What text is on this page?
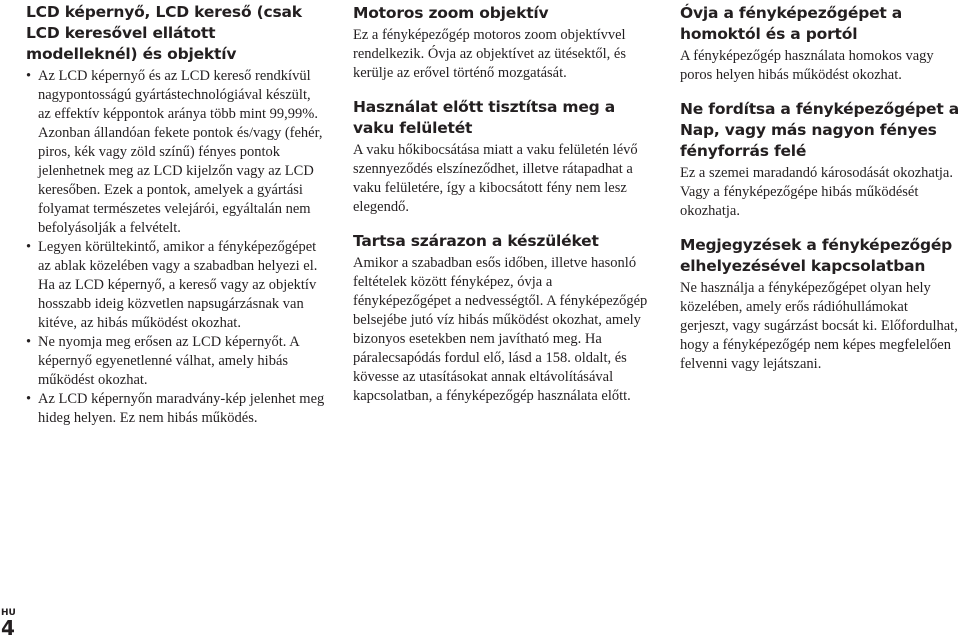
LCD képernyő, LCD kereső (csak LCD keresővel ellátott modelleknél) és objektív
• Az LCD képernyő és az LCD kereső rendkívül nagypontosságú gyártástechnológiával készült, az effektív képpontok aránya több mint 99,99%. Azonban állandóan fekete pontok és/vagy (fehér, piros, kék vagy zöld színű) fényes pontok jelenhetnek meg az LCD kijelzőn vagy az LCD keresőben. Ezek a pontok, amelyek a gyártási folyamat természetes velejárói, egyáltalán nem befolyásolják a felvételt.
• Legyen körültekintő, amikor a fényképezőgépet az ablak közelében vagy a szabadban helyezi el. Ha az LCD képernyő, a kereső vagy az objektív hosszabb ideig közvetlen napsugárzásnak van kitéve, az hibás működést okozhat.
• Ne nyomja meg erősen az LCD képernyőt. A képernyő egyenetlenné válhat, amely hibás működést okozhat.
• Az LCD képernyőn maradvány-kép jelenhet meg hideg helyen. Ez nem hibás működés.
Motoros zoom objektív

Ez a fényképezőgép motoros zoom objektívvel rendelkezik. Óvja az objektívet az ütésektől, és kerülje az erővel történő mozgatását.

Használat előtt tisztítsa meg a vaku felületét

A vaku hőkibocsátása miatt a vaku felületén lévő szennyeződés elszíneződhet, illetve rátapadhat a vaku felületére, így a kibocsátott fény nem lesz elegendő.

Tartsa szárazon a készüléket

Amikor a szabadban esős időben, illetve hasonló feltételek között fényképez, óvja a fényképezőgépet a nedvességtől. A fényképezőgép belsejébe jutó víz hibás működést okozhat, amely bizonyos esetekben nem javítható meg. Ha páralecsapódás fordul elő, lásd a 158. oldalt, és kövesse az utasításokat annak eltávolításával kapcsolatban, a fényképezőgép használata előtt.

Óvja a fényképezőgépet a homoktól és a portól

A fényképezőgép használata homokos vagy poros helyen hibás működést okozhat.

Ne fordítsa a fényképezőgépet a Nap, vagy más nagyon fényes fényforrás felé

Ez a szemei maradandó károsodását okozhatja. Vagy a fényképezőgépe hibás működését okozhatja.

Megjegyzések a fényképezőgép elhelyezésével kapcsolatban

Ne használja a fényképezőgépet olyan hely közelében, amely erős rádióhullámokat gerjeszt, vagy sugárzást bocsát ki. Előfordulhat, hogy a fényképezőgép nem képes megfelelően felvenni vagy lejátszani.

HU
4
